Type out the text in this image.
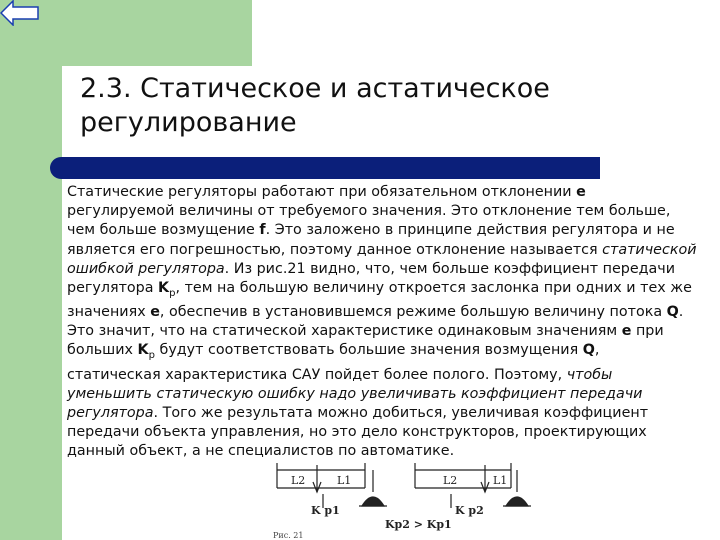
2.3. Статическое и астатическое
регулирование
Статические регуляторы работают при обязательном отклонении е регулируемой величины от требуемого значения. Это отклонение тем больше, чем больше возмущение f. Это заложено в принципе действия регулятора и не является его погрешностью, поэтому данное отклонение называется статической ошибкой регулятора. Из рис.21 видно, что, чем больше коэффициент передачи регулятора $K_р$, тем на большую величину откроется заслонка при одних и тех же значениях е, обеспечив в установившемся режиме большую величину потока Q. Это значит, что на статической характеристике одинаковым значениям е при больших $K_р$ будут соответствовать большие значения возмущения Q, статическая характеристика САУ пойдет более полого. Поэтому, чтобы уменьшить статическую ошибку надо увеличивать коэффициент передачи регулятора. Того же результата можно добиться, увеличивая коэффициент передачи объекта управления, но это дело конструкторов, проектирующих данный объект, а не специалистов по автоматике.
L2	L1
K p1
L2	L1
K p2
Kp2 > Kp1
Рис. 21
